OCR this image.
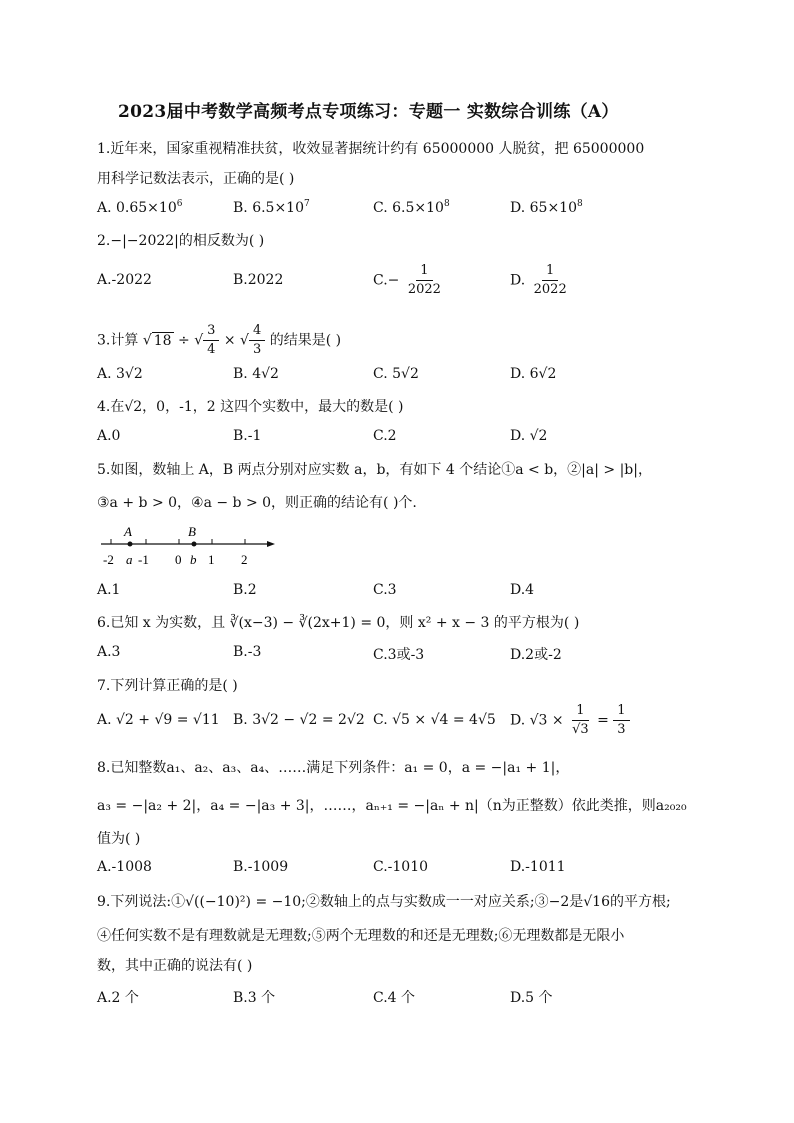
2023届中考数学高频考点专项练习：专题一 实数综合训练（A）
1.近年来，国家重视精准扶贫，收效显著据统计约有 65000000 人脱贫，把 65000000
用科学记数法表示，正确的是( )
A. $0.65\times 10^6$	B. $6.5\times 10^7$	C. $6.5\times 10^8$	D. $65\times 10^8$
2.−|−2022|的相反数为( )
A.-2022	B.2022	$C.- \frac{1}{2022}$	D. $\frac{1}{2022}$
3.计算 √ 18 ÷ √ $\frac{3}{4}$ × √ $\frac{4}{3}$ 的结果是( )
A. 3√2	B. 4√2	C. 5√2	D. 6√2
4.在√2，0，-1，2 这四个实数中，最大的数是( )
A.0	B.-1	C.2	D. √2
5.如图，数轴上 A，B 两点分别对应实数 a，b，有如下 4 个结论①a < b，②|a| > |b|，
③a + b > 0，④a − b > 0，则正确的结论有( )个.
A	B
-2 a -1 0 b 1 2
A.1	B.2	C.3	D.4
6.已知 x 为实数，且 ∛(x−3) − ∛(2x+1) = 0，则 x² + x − 3 的平方根为( )
A.3	B.-3	C.3或-3	D.2或-2
7.下列计算正确的是( )
A. √2 + √9 = √11 B. 3√2 − √2 = 2√2 C. √5 × √4 = 4√5 D. $√3 \times \frac{1}{√3} = \frac{1}{3}$
8.已知整数a₁、a₂、a₃、a₄、……满足下列条件：a₁ = 0，a = −|a₁ + 1|，
a₃ = −|a₂ + 2|，a₄ = −|a₃ + 3|，……，aₙ₊₁ = −|aₙ + n|（n为正整数）依此类推，则a₂₀₂₀
值为( )
A.-1008	B.-1009	C.-1010	D.-1011
9.下列说法:①√((−10)²) = −10;②数轴上的点与实数成一一对应关系;③−2是√16的平方根;
④任何实数不是有理数就是无理数;⑤两个无理数的和还是无理数;⑥无理数都是无限小
数，其中正确的说法有( )
A.2 个	B.3 个	C.4 个	D.5 个
